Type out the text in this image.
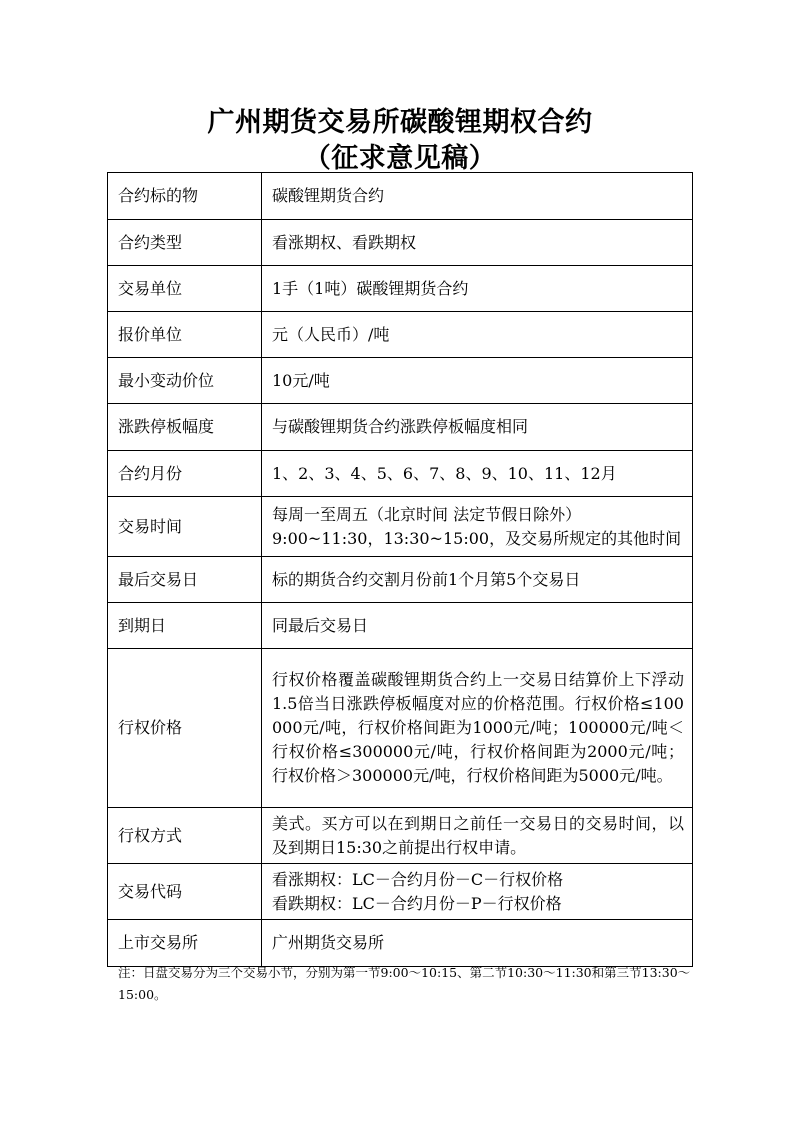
广州期货交易所碳酸锂期权合约
（征求意见稿）
合约标的物	碳酸锂期货合约

合约类型	看涨期权、看跌期权

交易单位	1手（1吨）碳酸锂期货合约

报价单位	元（人民币）/吨

最小变动价位	10元/吨

涨跌停板幅度	与碳酸锂期货合约涨跌停板幅度相同

合约月份	1、2、3、4、5、6、7、8、9、10、11、12月

交易时间	每周一至周五（北京时间 法定节假日除外）
9:00~11:30，13:30~15:00，及交易所规定的其他时间

最后交易日	标的期货合约交割月份前1个月第5个交易日

到期日	同最后交易日

行权价格	行权价格覆盖碳酸锂期货合约上一交易日结算价上下浮动1.5倍当日涨跌停板幅度对应的价格范围。行权价格≤100000元/吨，行权价格间距为1000元/吨；100000元/吨＜行权价格≤300000元/吨，行权价格间距为2000元/吨；行权价格＞300000元/吨，行权价格间距为5000元/吨。

行权方式	美式。买方可以在到期日之前任一交易日的交易时间，以及到期日15:30之前提出行权申请。

交易代码	看涨期权：LC－合约月份－C－行权价格
看跌期权：LC－合约月份－P－行权价格

上市交易所	广州期货交易所
注：日盘交易分为三个交易小节，分别为第一节9:00～10:15、第二节10:30～11:30和第三节13:30～15:00。
